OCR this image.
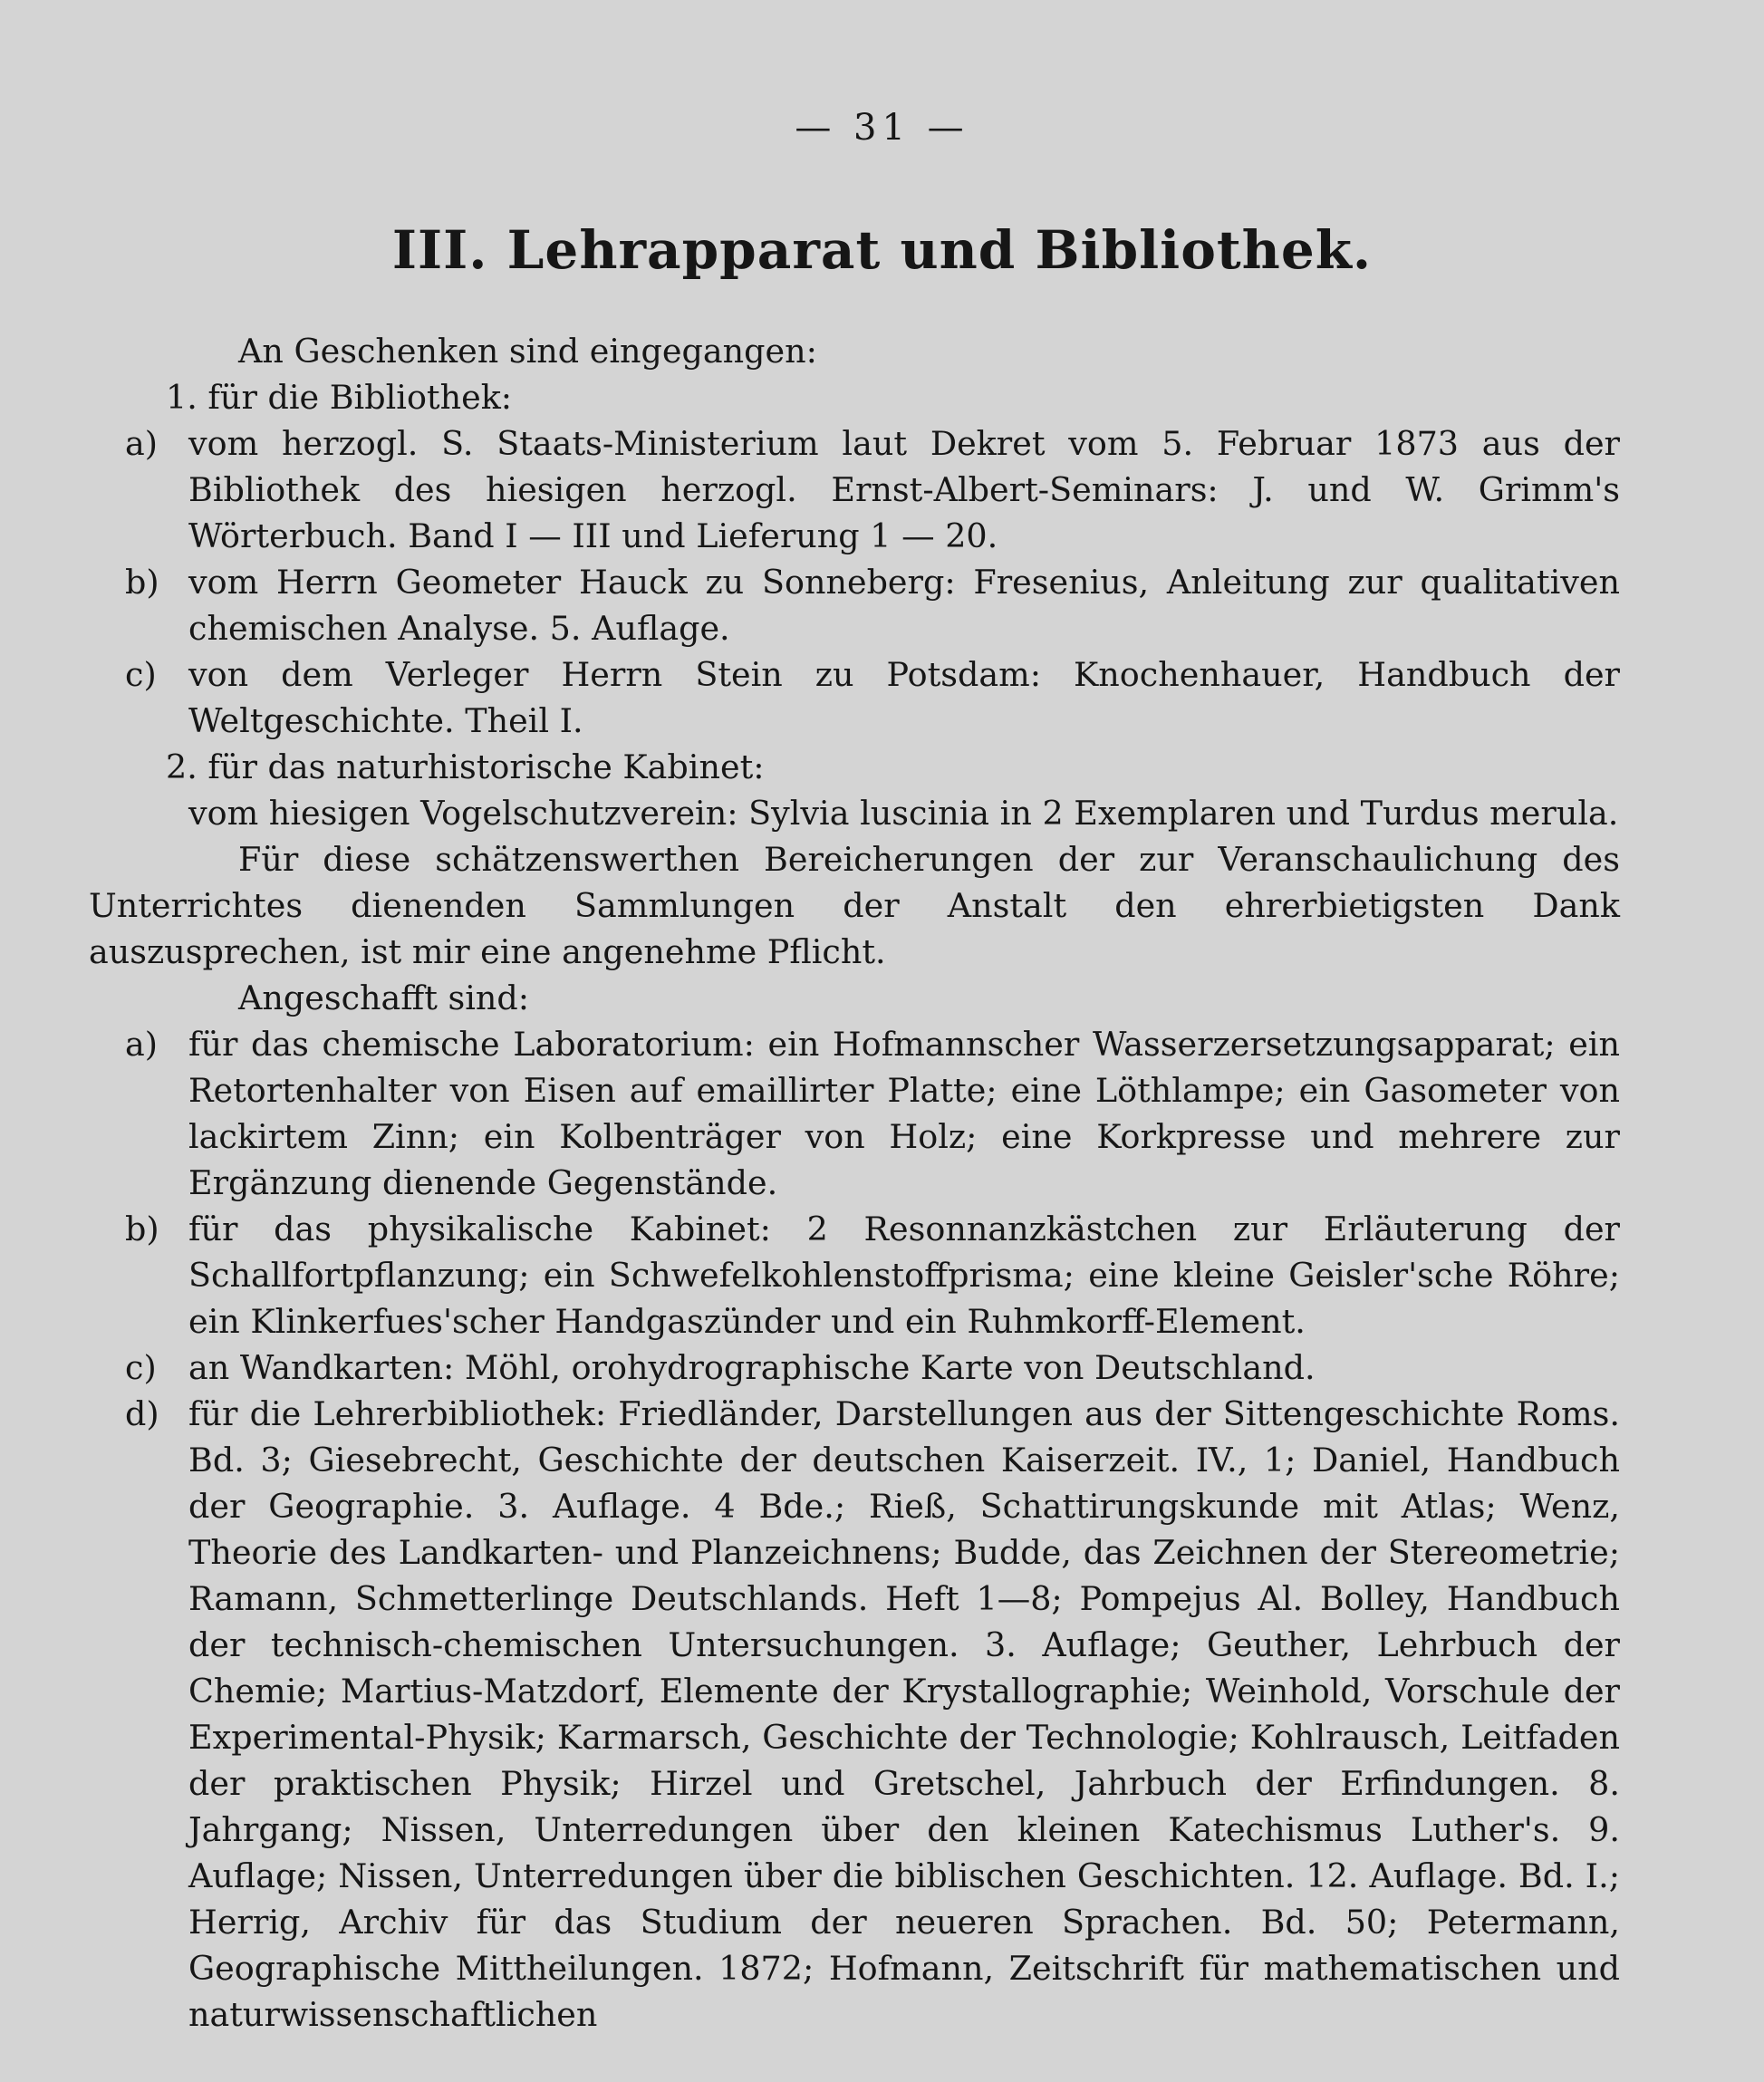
— 31 —
III. Lehrapparat und Bibliothek.

An Geschenken sind eingegangen:

1. für die Bibliothek:

a) vom herzogl. S. Staats-Ministerium laut Dekret vom 5. Februar 1873 aus der Bibliothek des hiesigen herzogl. Ernst-Albert-Seminars: J. und W. Grimm's Wörterbuch. Band I — III und Lieferung 1 — 20.
b) vom Herrn Geometer Hauck zu Sonneberg: Fresenius, Anleitung zur qualitativen chemischen Analyse. 5. Auflage.
c) von dem Verleger Herrn Stein zu Potsdam: Knochenhauer, Handbuch der Weltgeschichte. Theil I.

2. für das naturhistorische Kabinet:

vom hiesigen Vogelschutzverein: Sylvia luscinia in 2 Exemplaren und Turdus merula.

Für diese schätzenswerthen Bereicherungen der zur Veranschaulichung des Unterrichtes dienenden Sammlungen der Anstalt den ehrerbietigsten Dank auszusprechen, ist mir eine angenehme Pflicht.

Angeschafft sind:

a) für das chemische Laboratorium: ein Hofmannscher Wasserzersetzungsapparat; ein Retortenhalter von Eisen auf emaillirter Platte; eine Löthlampe; ein Gasometer von lackirtem Zinn; ein Kolbenträger von Holz; eine Korkpresse und mehrere zur Ergänzung dienende Gegenstände.
b) für das physikalische Kabinet: 2 Resonnanzkästchen zur Erläuterung der Schallfortpflanzung; ein Schwefelkohlenstoffprisma; eine kleine Geisler'sche Röhre; ein Klinkerfues'scher Handgaszünder und ein Ruhmkorff-Element.
c) an Wandkarten: Möhl, orohydrographische Karte von Deutschland.
d) für die Lehrerbibliothek: Friedländer, Darstellungen aus der Sittengeschichte Roms. Bd. 3; Giesebrecht, Geschichte der deutschen Kaiserzeit. IV., 1; Daniel, Handbuch der Geographie. 3. Auflage. 4 Bde.; Rieß, Schattirungskunde mit Atlas; Wenz, Theorie des Landkarten- und Planzeichnens; Budde, das Zeichnen der Stereometrie; Ramann, Schmetterlinge Deutschlands. Heft 1—8; Pompejus Al. Bolley, Handbuch der technisch-chemischen Untersuchungen. 3. Auflage; Geuther, Lehrbuch der Chemie; Martius-Matzdorf, Elemente der Krystallographie; Weinhold, Vorschule der Experimental-Physik; Karmarsch, Geschichte der Technologie; Kohlrausch, Leitfaden der praktischen Physik; Hirzel und Gretschel, Jahrbuch der Erfindungen. 8. Jahrgang; Nissen, Unterredungen über den kleinen Katechismus Luther's. 9. Auflage; Nissen, Unterredungen über die biblischen Geschichten. 12. Auflage. Bd. I.; Herrig, Archiv für das Studium der neueren Sprachen. Bd. 50; Petermann, Geographische Mittheilungen. 1872; Hofmann, Zeitschrift für mathematischen und naturwissenschaftlichen
